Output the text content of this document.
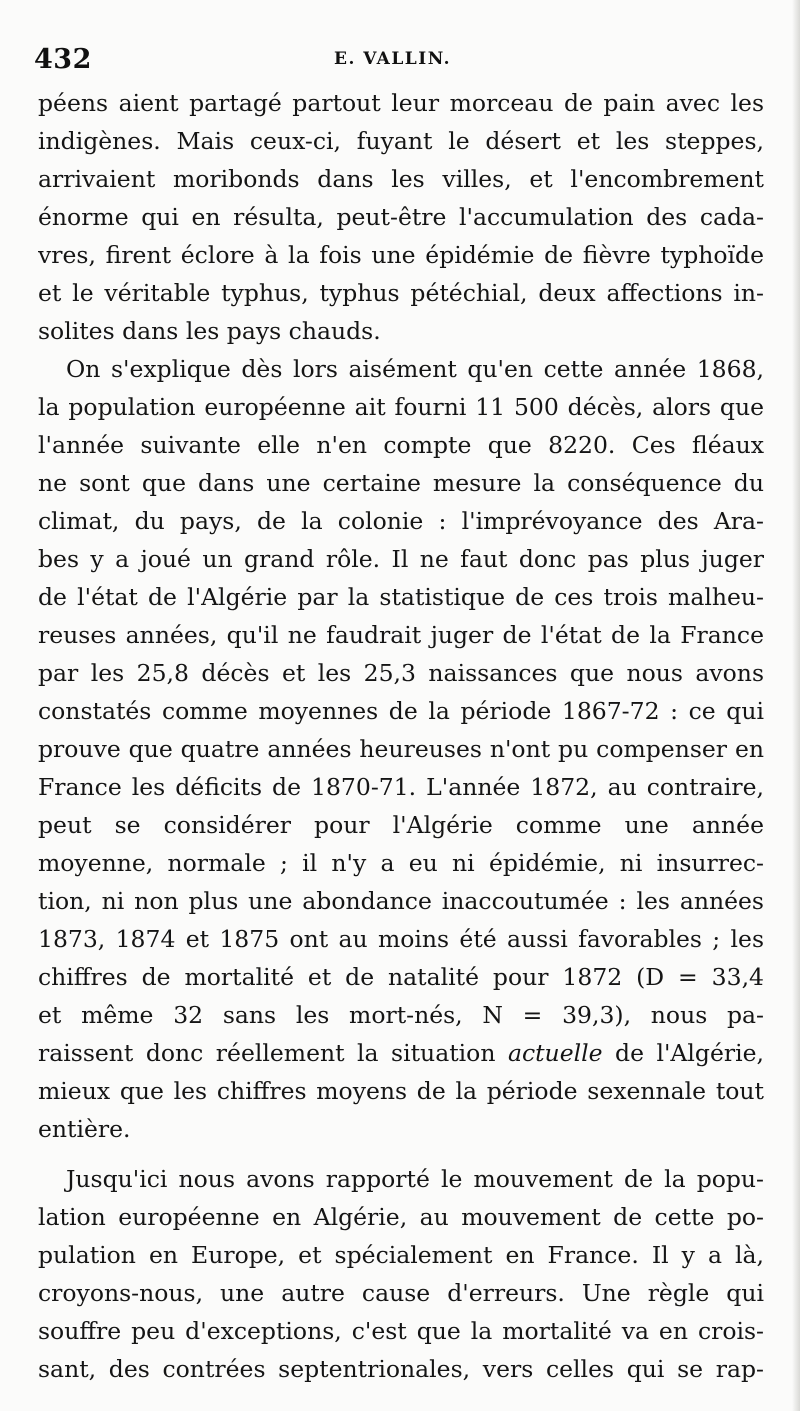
432	E. VALLIN.
péens aient partagé partout leur morceau de pain avec les
indigènes. Mais ceux-ci, fuyant le désert et les steppes,
arrivaient moribonds dans les villes, et l'encombrement
énorme qui en résulta, peut-être l'accumulation des cada-
vres, firent éclore à la fois une épidémie de fièvre typhoïde
et le véritable typhus, typhus pétéchial, deux affections in-
solites dans les pays chauds.
On s'explique dès lors aisément qu'en cette année 1868,
la population européenne ait fourni 11 500 décès, alors que
l'année suivante elle n'en compte que 8220. Ces fléaux
ne sont que dans une certaine mesure la conséquence du
climat, du pays, de la colonie : l'imprévoyance des Ara-
bes y a joué un grand rôle. Il ne faut donc pas plus juger
de l'état de l'Algérie par la statistique de ces trois malheu-
reuses années, qu'il ne faudrait juger de l'état de la France
par les 25,8 décès et les 25,3 naissances que nous avons
constatés comme moyennes de la période 1867-72 : ce qui
prouve que quatre années heureuses n'ont pu compenser en
France les déficits de 1870-71. L'année 1872, au contraire,
peut se considérer pour l'Algérie comme une année
moyenne, normale ; il n'y a eu ni épidémie, ni insurrec-
tion, ni non plus une abondance inaccoutumée : les années
1873, 1874 et 1875 ont au moins été aussi favorables ; les
chiffres de mortalité et de natalité pour 1872 (D = 33,4
et même 32 sans les mort-nés, N = 39,3), nous pa-
raissent donc réellement la situation actuelle de l'Algérie,
mieux que les chiffres moyens de la période sexennale tout
entière.
Jusqu'ici nous avons rapporté le mouvement de la popu-
lation européenne en Algérie, au mouvement de cette po-
pulation en Europe, et spécialement en France. Il y a là,
croyons-nous, une autre cause d'erreurs. Une règle qui
souffre peu d'exceptions, c'est que la mortalité va en crois-
sant, des contrées septentrionales, vers celles qui se rap-
